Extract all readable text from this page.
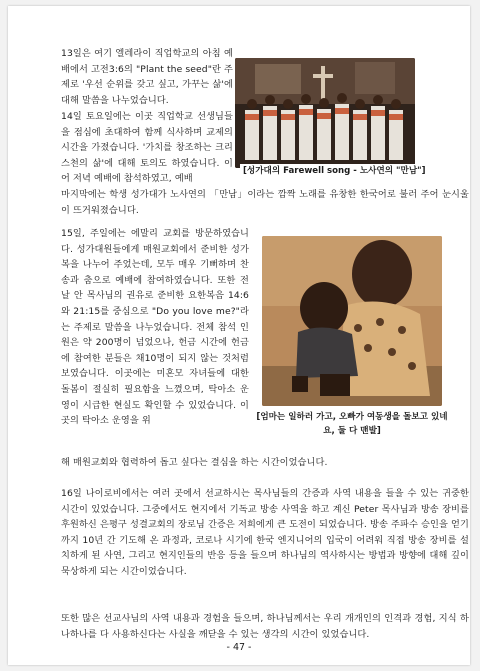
13일은 여기 엘레라이 직업학교의 아침 예배에서 고전3:6의 "Plant the seed"란 주제로 '우선 순위를 갖고 싶고, 가꾸는 삶'에 대해 말씀을 나누었습니다.

14일 토요일에는 이곳 직업학교 선생님들을 점심에 초대하여 함께 식사하며 교제의 시간을 가졌습니다. '가치를 창조하는 크리스천의 삶'에 대해 토의도 하였습니다. 이어 저녁 예배에 참석하였고, 예배

[성가대의 Farewell song - 노사연의 "만남"]

마지막에는 학생 성가대가 노사연의 「만남」이라는 깜짝 노래를 유창한 한국어로 불러 주어 눈시울이 뜨거워졌습니다.

15일, 주일에는 에말리 교회를 방문하였습니다. 성가대원들에게 매원교회에서 준비한 성가복을 나누어 주었는데, 모두 매우 기뻐하며 찬송과 춤으로 예배에 참여하였습니다. 또한 전날 안 목사님의 권유로 준비한 요한복음 14:6와 21:15를 중심으로 "Do you love me?"라는 주제로 말씀을 나누었습니다. 전체 참석 인원은 약 200명이 넘었으나, 헌금 시간에 헌금에 참여한 분들은 채10명이 되지 않는 것처럼 보였습니다. 이곳에는 미혼모 자녀들에 대한 돌봄이 절실히 필요함을 느꼈으며, 탁아소 운영이 시급한 현실도 확인할 수 있었습니다. 이곳의 탁아소 운영을 위	[엄마는 일하러 가고, 오빠가 여동생을 돌보고 있네요, 둘 다 맨발]

해 매원교회와 협력하여 돕고 싶다는 결심을 하는 시간이었습니다.

16일 나이로비에서는 여러 곳에서 선교하시는 목사님들의 간증과 사역 내용을 들을 수 있는 귀중한 시간이 있었습니다. 그중에서도 현지에서 기독교 방송 사역을 하고 계신 Peter 목사님과 방송 장비를 후원하신 은평구 성결교회의 장로님 간증은 저희에게 큰 도전이 되었습니다. 방송 주파수 승인을 얻기까지 10년 간 기도해 온 과정과, 코로나 시기에 한국 엔지니어의 입국이 어려워 직접 방송 장비를 설치하게 된 사연, 그리고 현지인들의 반응 등을 들으며 하나님의 역사하시는 방법과 방향에 대해 깊이 묵상하게 되는 시간이었습니다.

또한 많은 선교사님의 사역 내용과 경험을 들으며, 하나님께서는 우리 개개인의 인격과 경험, 지식 하나하나를 다 사용하신다는 사실을 깨닫을 수 있는 생각의 시간이 있었습니다.

- 47 -
